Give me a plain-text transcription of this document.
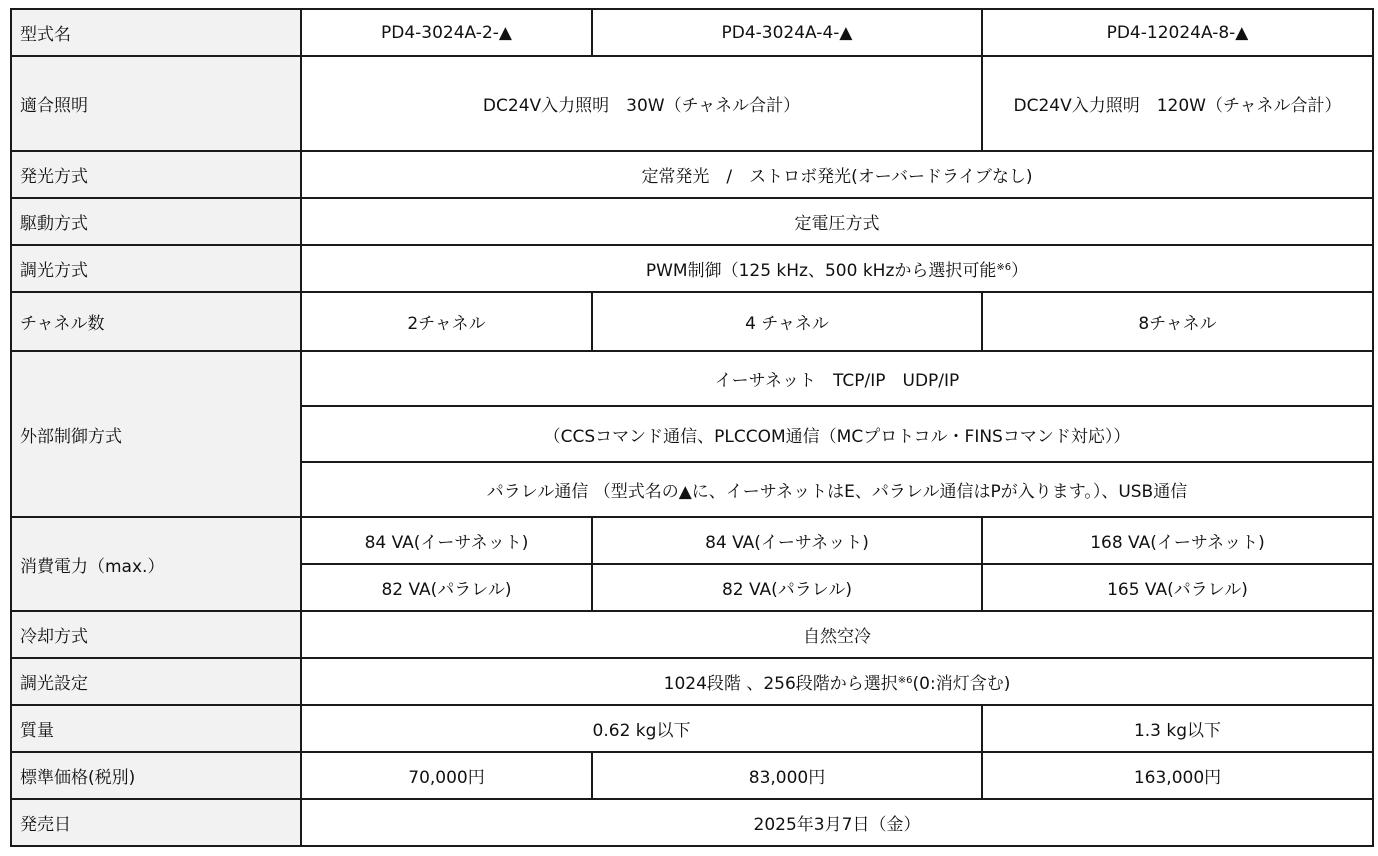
型式名	PD4-3024A-2-▲	PD4-3024A-4-▲	PD4-12024A-8-▲
適合照明	DC24V入力照明　30W（チャネル合計）		DC24V入力照明　120W（チャネル合計）
発光方式	定常発光　/　ストロボ発光(オーバードライブなし)		
駆動方式	定電圧方式		
調光方式	PWM制御（125 kHz、500 kHzから選択可能$^{※6}$）		
チャネル数	2チャネル	4 チャネル	8チャネル
外部制御方式	イーサネット　TCP/IP　UDP/IP		
	（CCSコマンド通信、PLCCOM通信（MCプロトコル・FINSコマンド対応））		
	パラレル通信 （型式名の▲に、イーサネットはE、パラレル通信はPが入ります。）、USB通信		
消費電力（max.）	84 VA(イーサネット)	84 VA(イーサネット)	168 VA(イーサネット)
	82 VA(パラレル)	82 VA(パラレル)	165 VA(パラレル)
冷却方式	自然空冷		
調光設定	1024段階 、256段階から選択$^{※6}$(0:消灯含む)		
質量	0.62 kg以下		1.3 kg以下
標準価格(税別)	70,000円	83,000円	163,000円
発売日	2025年3月7日（金）		
